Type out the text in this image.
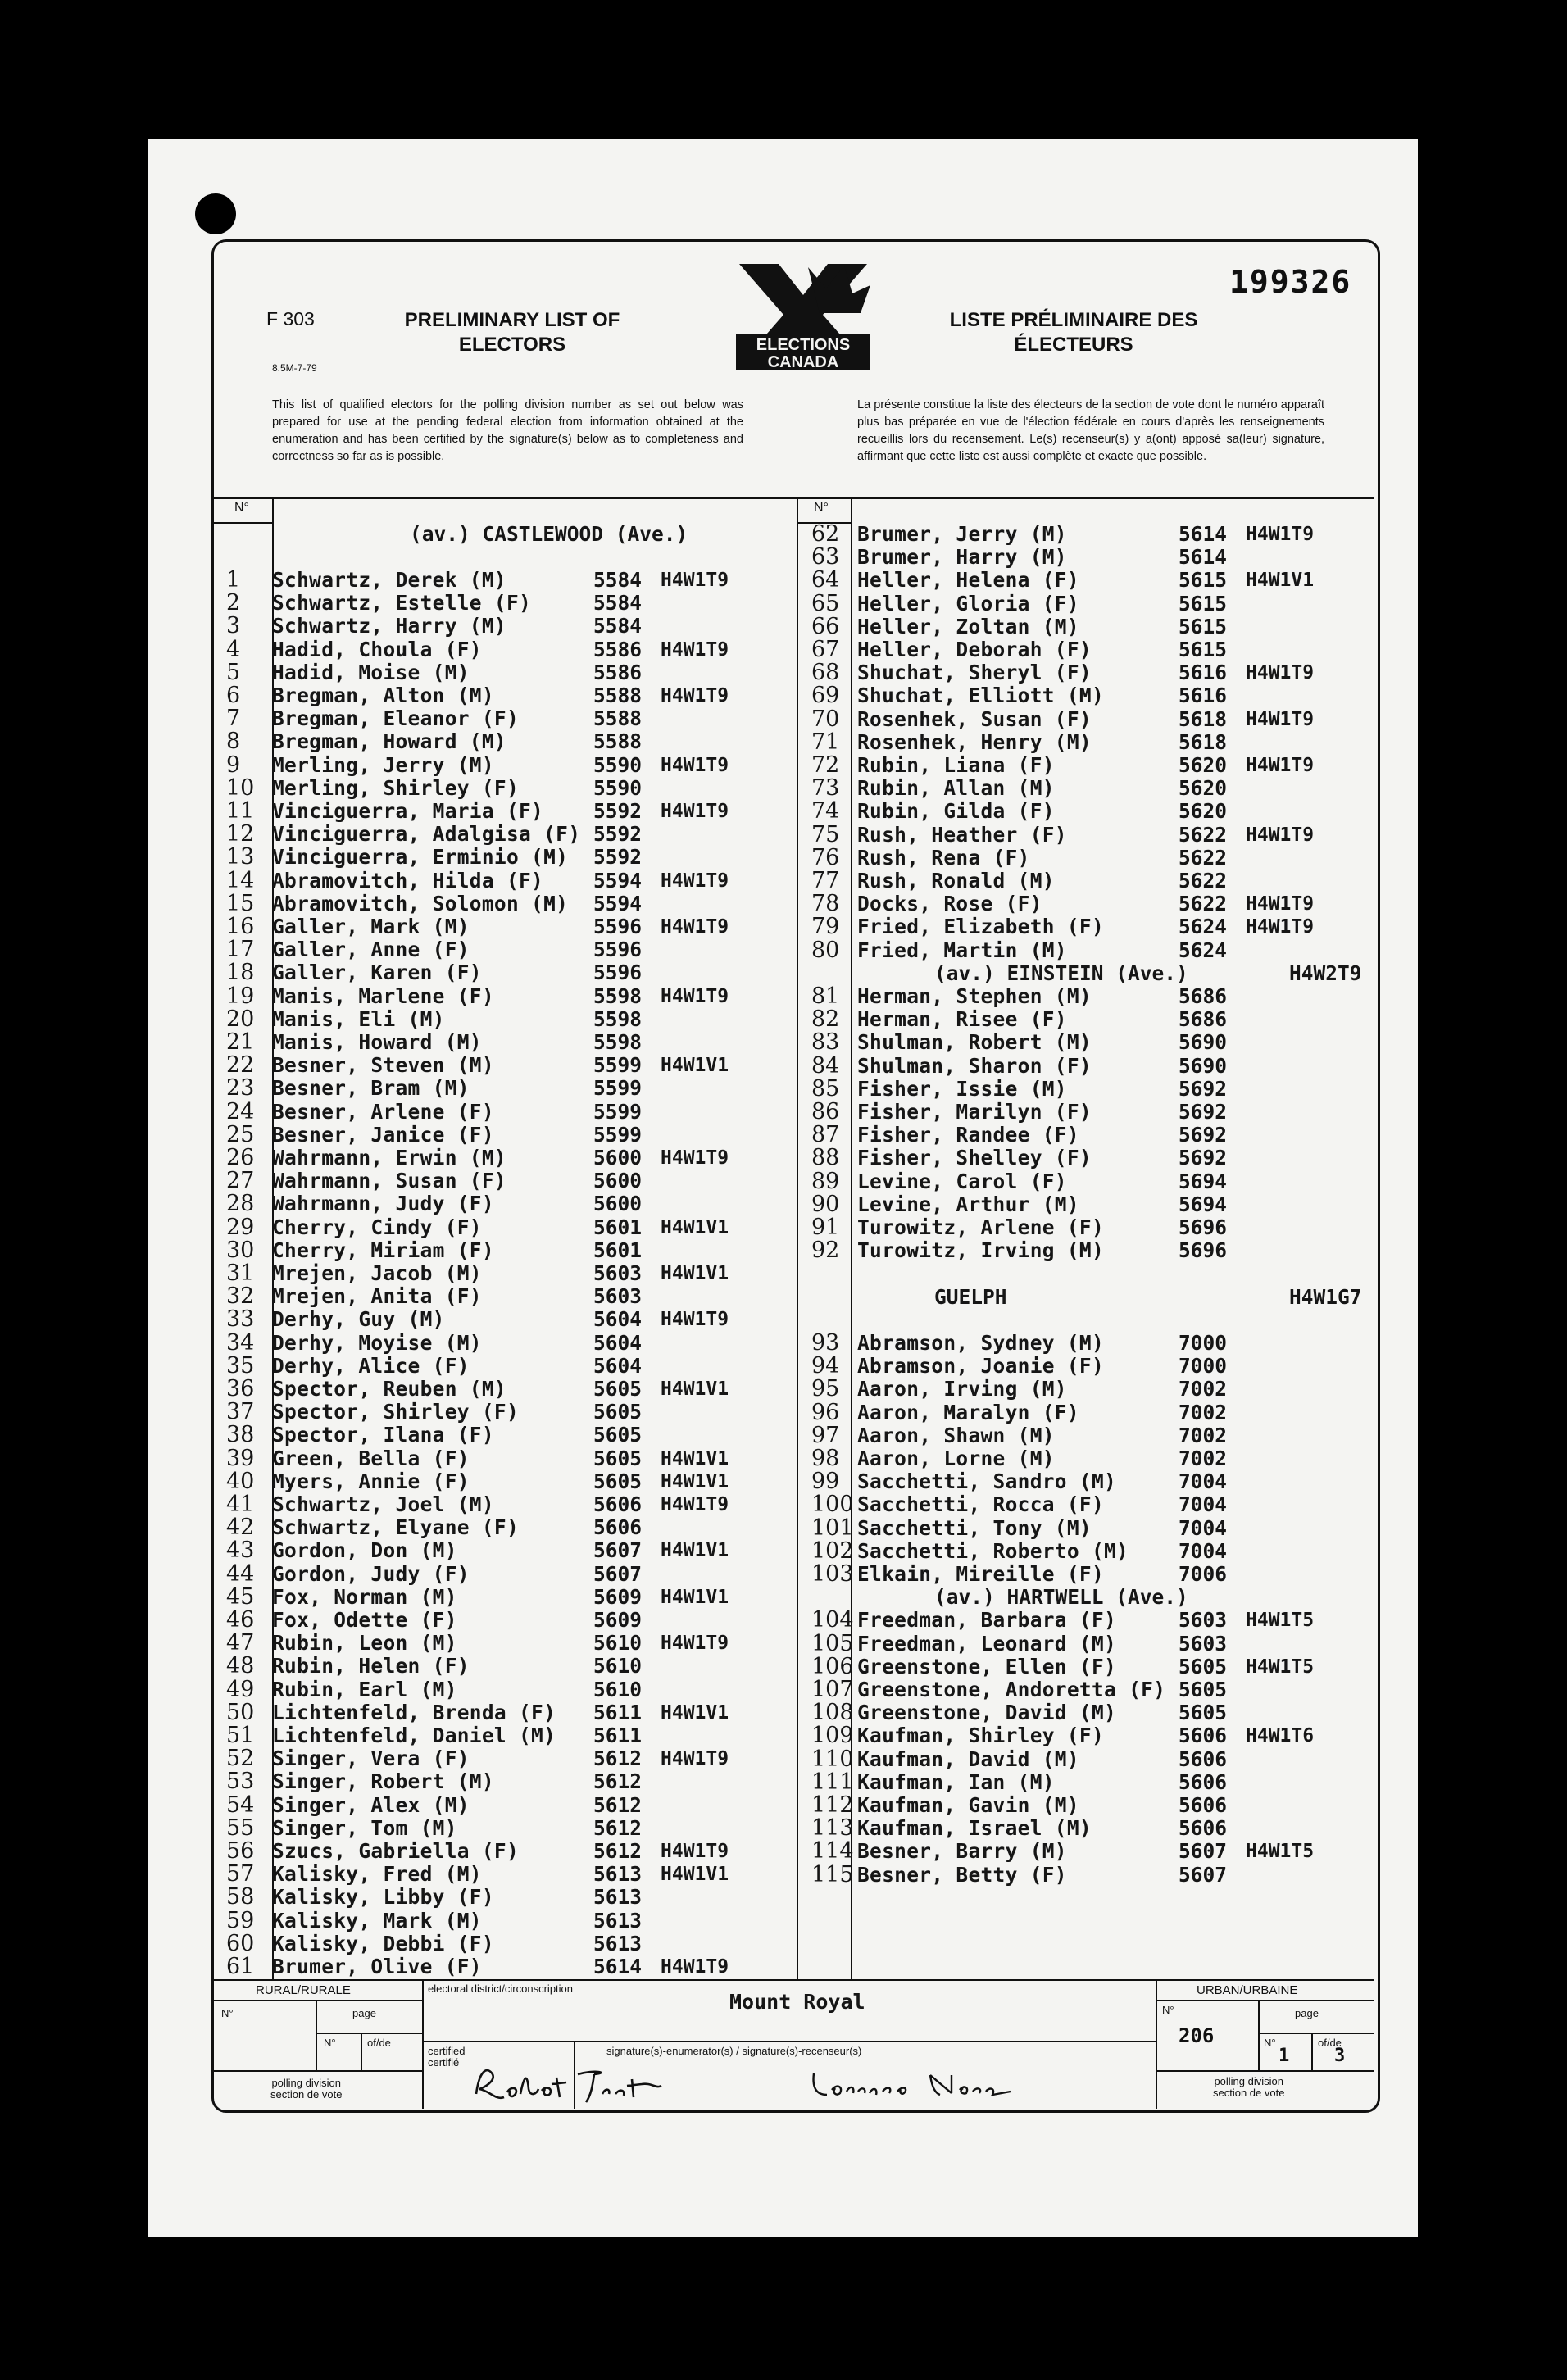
199326
F 303
8.5M-7-79
PRELIMINARY LIST OF ELECTORS
LISTE PRÉLIMINAIRE DES ÉLECTEURS
ELECTIONS
CANADA
This list of qualified electors for the polling division number as set out below was prepared for use at the pending federal election from information obtained at the enumeration and has been certified by the signature(s) below as to completeness and correctness so far as is possible.
La présente constitue la liste des électeurs de la section de vote dont le numéro apparaît plus bas préparée en vue de l'élection fédérale en cours d'après les renseignements recueillis lors du recensement. Le(s) recenseur(s) y a(ont) apposé sa(leur) signature, affirmant que cette liste est aussi complète et exacte que possible.
N°	N°
(av.) CASTLEWOOD (Ave.)
1	Schwartz, Derek (M)	5584 H4W1T9
2	Schwartz, Estelle (F)	5584
3	Schwartz, Harry (M)	5584
4	Hadid, Choula (F)	5586 H4W1T9
5	Hadid, Moise (M)	5586
6	Bregman, Alton (M)	5588 H4W1T9
7	Bregman, Eleanor (F)	5588
8	Bregman, Howard (M)	5588
9	Merling, Jerry (M)	5590 H4W1T9
10 Merling, Shirley (F)	5590
11 Vinciguerra, Maria (F) 5592 H4W1T9
12 Vinciguerra, Adalgisa (F) 5592
13 Vinciguerra, Erminio (M) 5592
14 Abramovitch, Hilda (F) 5594 H4W1T9
15 Abramovitch, Solomon (M) 5594
16 Galler, Mark (M)	5596 H4W1T9
17 Galler, Anne (F)	5596
18 Galler, Karen (F)	5596
19 Manis, Marlene (F)	5598 H4W1T9
20 Manis, Eli (M)	5598
21 Manis, Howard (M)	5598
22 Besner, Steven (M)	5599 H4W1V1
23 Besner, Bram (M)	5599
24 Besner, Arlene (F)	5599
25 Besner, Janice (F)	5599
26 Wahrmann, Erwin (M)	5600 H4W1T9
27 Wahrmann, Susan (F)	5600
28 Wahrmann, Judy (F)	5600
29 Cherry, Cindy (F)	5601 H4W1V1
30 Cherry, Miriam (F)	5601
31 Mrejen, Jacob (M)	5603 H4W1V1
32 Mrejen, Anita (F)	5603
33 Derhy, Guy (M)	5604 H4W1T9
34 Derhy, Moyise (M)	5604
35 Derhy, Alice (F)	5604
36 Spector, Reuben (M)	5605 H4W1V1
37 Spector, Shirley (F)	5605
38 Spector, Ilana (F)	5605
39 Green, Bella (F)	5605 H4W1V1
40 Myers, Annie (F)	5605 H4W1V1
41 Schwartz, Joel (M)	5606 H4W1T9
42 Schwartz, Elyane (F)	5606
43 Gordon, Don (M)	5607 H4W1V1
44 Gordon, Judy (F)	5607
45 Fox, Norman (M)	5609 H4W1V1
46 Fox, Odette (F)	5609
47 Rubin, Leon (M)	5610 H4W1T9
48 Rubin, Helen (F)	5610
49 Rubin, Earl (M)	5610
50 Lichtenfeld, Brenda (F) 5611 H4W1V1
51 Lichtenfeld, Daniel (M) 5611
52 Singer, Vera (F)	5612 H4W1T9
53 Singer, Robert (M)	5612
54 Singer, Alex (M)	5612
55 Singer, Tom (M)	5612
56 Szucs, Gabriella (F)	5612 H4W1T9
57 Kalisky, Fred (M)	5613 H4W1V1
58 Kalisky, Libby (F)	5613
59 Kalisky, Mark (M)	5613
60 Kalisky, Debbi (F)	5613
61 Brumer, Olive (F)	5614 H4W1T9
62 Brumer, Jerry (M)	5614 H4W1T9
63 Brumer, Harry (M)	5614
64 Heller, Helena (F)	5615 H4W1V1
65 Heller, Gloria (F)	5615
66 Heller, Zoltan (M)	5615
67 Heller, Deborah (F)	5615
68 Shuchat, Sheryl (F)	5616 H4W1T9
69 Shuchat, Elliott (M)	5616
70 Rosenhek, Susan (F)	5618 H4W1T9
71 Rosenhek, Henry (M)	5618
72 Rubin, Liana (F)	5620 H4W1T9
73 Rubin, Allan (M)	5620
74 Rubin, Gilda (F)	5620
75 Rush, Heather (F)	5622 H4W1T9
76 Rush, Rena (F)	5622
77 Rush, Ronald (M)	5622
78 Docks, Rose (F)	5622 H4W1T9
79 Fried, Elizabeth (F)	5624 H4W1T9
80 Fried, Martin (M)	5624
(av.) EINSTEIN (Ave.)	H4W2T9
81 Herman, Stephen (M)	5686
82 Herman, Risee (F)	5686
83 Shulman, Robert (M)	5690
84 Shulman, Sharon (F)	5690
85 Fisher, Issie (M)	5692
86 Fisher, Marilyn (F)	5692
87 Fisher, Randee (F)	5692
88 Fisher, Shelley (F)	5692
89 Levine, Carol (F)	5694
90 Levine, Arthur (M)	5694
91 Turowitz, Arlene (F)	5696
92 Turowitz, Irving (M)	5696
GUELPH	H4W1G7
93 Abramson, Sydney (M)	7000
94 Abramson, Joanie (F)	7000
95 Aaron, Irving (M)	7002
96 Aaron, Maralyn (F)	7002
97 Aaron, Shawn (M)	7002
98 Aaron, Lorne (M)	7002
99 Sacchetti, Sandro (M)	7004
100 Sacchetti, Rocca (F)	7004
101 Sacchetti, Tony (M)	7004
102 Sacchetti, Roberto (M) 7004
103 Elkain, Mireille (F)	7006
(av.) HARTWELL (Ave.)
104 Freedman, Barbara (F)	5603 H4W1T5
105 Freedman, Leonard (M)	5603
106 Greenstone, Ellen (F)	5605 H4W1T5
107 Greenstone, Andoretta (F) 5605
108 Greenstone, David (M)	5605
109 Kaufman, Shirley (F)	5606 H4W1T6
110 Kaufman, David (M)	5606
111 Kaufman, Ian (M)	5606
112 Kaufman, Gavin (M)	5606
113 Kaufman, Israel (M)	5606
114 Besner, Barry (M)	5607 H4W1T5
115 Besner, Betty (F)	5607
RURAL/RURALE	URBAN/URBAINE
N°	page
N°	of/de
polling division
section de vote
N°	page
N°	of/de
polling division
section de vote
electoral district/circonscription
Mount Royal
certified
certifié
signature(s)-enumerator(s) / signature(s)-recenseur(s)
206
1 3
